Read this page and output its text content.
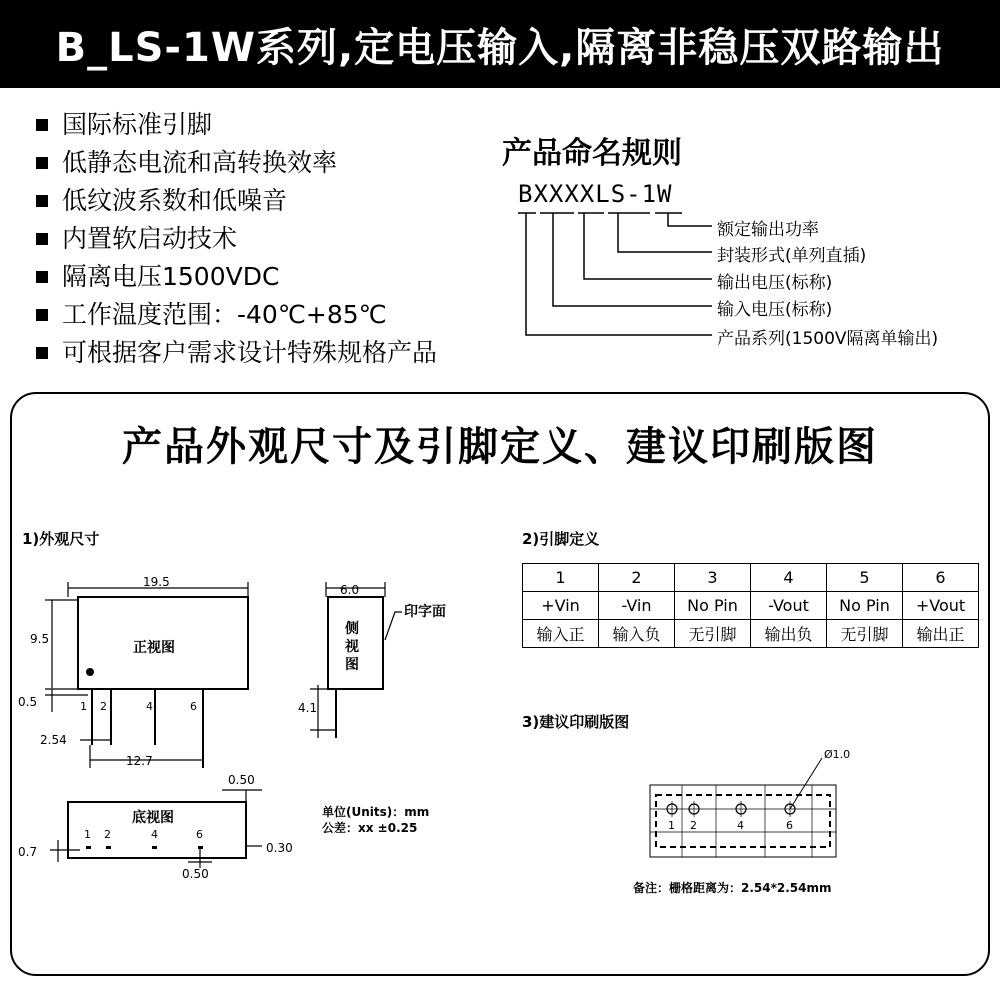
B_LS-1W系列,定电压输入,隔离非稳压双路输出
国际标准引脚
低静态电流和高转换效率
低纹波系数和低噪音
内置软启动技术
隔离电压1500VDC
工作温度范围：-40℃+85℃
可根据客户需求设计特殊规格产品
产品命名规则
BXXXXLS-1W
额定输出功率
封装形式(单列直插)
输出电压(标称)
输入电压(标称)
产品系列(1500V隔离单输出)
产品外观尺寸及引脚定义、建议印刷版图
1)外观尺寸	2)引脚定义
3)建议印刷版图
19.5
9.5
0.5
2.54
12.7
6.0
4.1
0.50
0.7	0.30
0.50
1 2	4	6
1 2	4	6
正视图
底视图
印字面
侧视图
单位(Units)：mm
公差：xx ±0.25
1	2	3	4	5	6
+Vin	-Vin	No Pin	-Vout	No Pin	+Vout
输入正	输入负	无引脚	输出负	无引脚	输出正
Ø1.0
1 2	4	6
备注：栅格距离为：2.54*2.54mm
